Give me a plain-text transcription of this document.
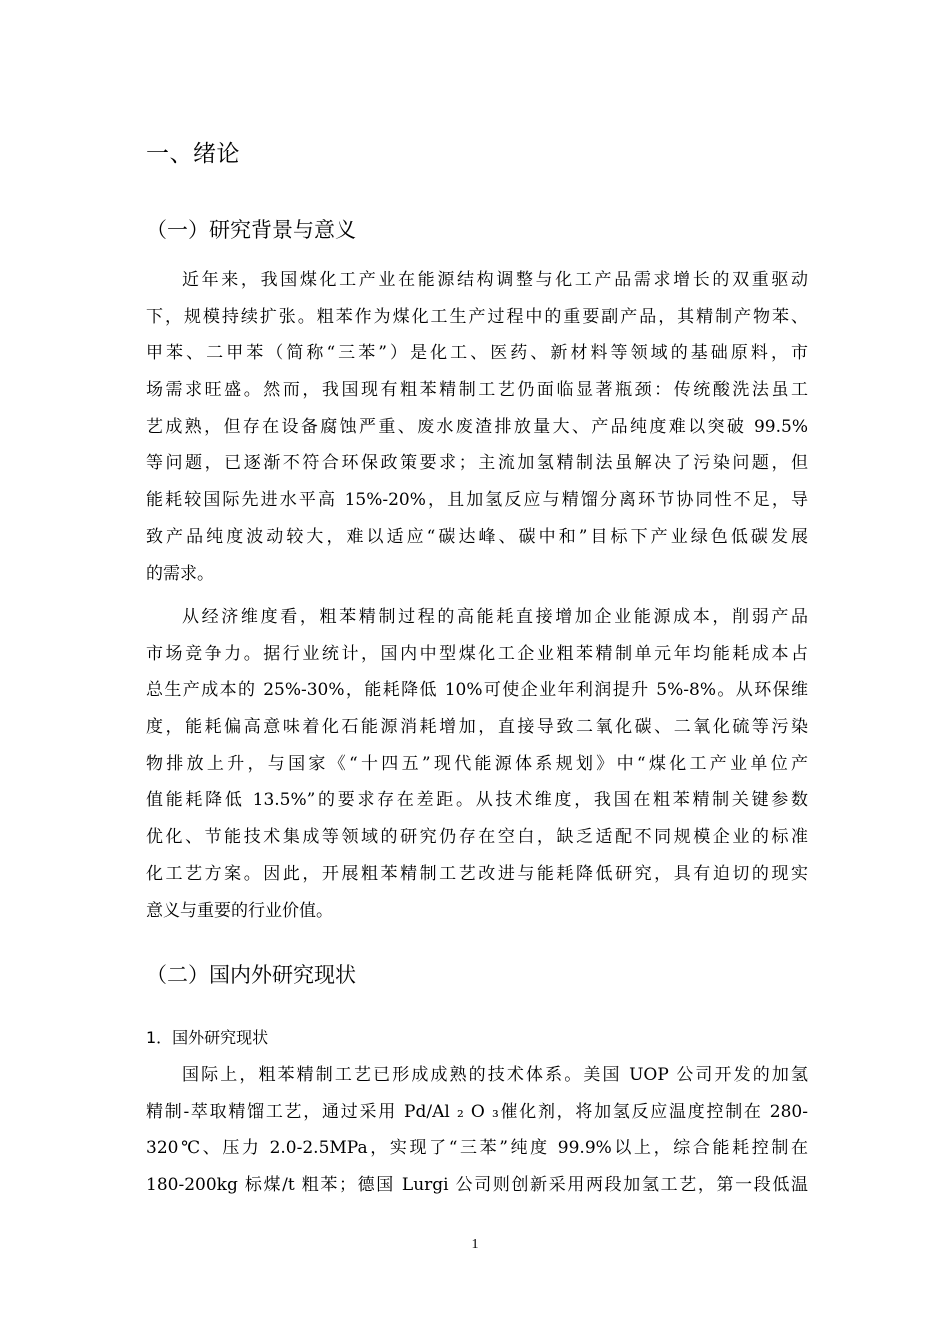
一、绪论
（一）研究背景与意义
近年来，我国煤化工产业在能源结构调整与化工产品需求增长的双重驱动
下，规模持续扩张。粗苯作为煤化工生产过程中的重要副产品，其精制产物苯、
甲苯、二甲苯（简称“三苯”）是化工、医药、新材料等领域的基础原料，市
场需求旺盛。然而，我国现有粗苯精制工艺仍面临显著瓶颈：传统酸洗法虽工
艺成熟，但存在设备腐蚀严重、废水废渣排放量大、产品纯度难以突破 99.5%
等问题，已逐渐不符合环保政策要求；主流加氢精制法虽解决了污染问题，但
能耗较国际先进水平高 15%-20%，且加氢反应与精馏分离环节协同性不足，导
致产品纯度波动较大，难以适应“碳达峰、碳中和”目标下产业绿色低碳发展
的需求。
从经济维度看，粗苯精制过程的高能耗直接增加企业能源成本，削弱产品
市场竞争力。据行业统计，国内中型煤化工企业粗苯精制单元年均能耗成本占
总生产成本的 25%-30%，能耗降低 10%可使企业年利润提升 5%-8%。从环保维
度，能耗偏高意味着化石能源消耗增加，直接导致二氧化碳、二氧化硫等污染
物排放上升，与国家《“十四五”现代能源体系规划》中“煤化工产业单位产
值能耗降低 13.5%”的要求存在差距。从技术维度，我国在粗苯精制关键参数
优化、节能技术集成等领域的研究仍存在空白，缺乏适配不同规模企业的标准
化工艺方案。因此，开展粗苯精制工艺改进与能耗降低研究，具有迫切的现实
意义与重要的行业价值。
（二）国内外研究现状
1．国外研究现状
国际上，粗苯精制工艺已形成成熟的技术体系。美国 UOP 公司开发的加氢
精制-萃取精馏工艺，通过采用 Pd/Al ₂ O ₃催化剂，将加氢反应温度控制在 280-
320℃、压力 2.0-2.5MPa，实现了“三苯”纯度 99.9%以上，综合能耗控制在
180-200kg 标煤/t 粗苯；德国 Lurgi 公司则创新采用两段加氢工艺，第一段低温
1
